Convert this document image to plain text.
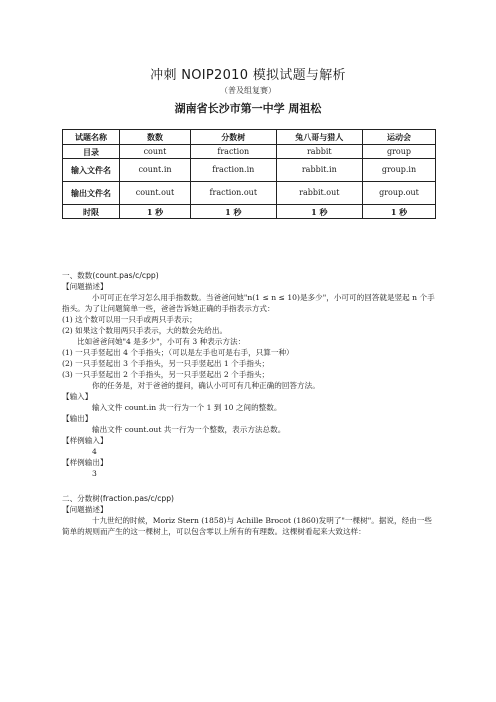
冲刺 NOIP2010 模拟试题与解析
（普及组复赛）
湖南省长沙市第一中学 周祖松
试题名称	数数	分数树	兔八哥与猎人	运动会
目录	count	fraction	rabbit	group
输入文件名	count.in	fraction.in	rabbit.in	group.in
输出文件名	count.out	fraction.out	rabbit.out	group.out
时限	1 秒	1 秒	1 秒	1 秒

一、数数(count.pas/c/cpp)

【问题描述】

小可可正在学习怎么用手指数数。当爸爸问她"n(1 ≤ n ≤ 10)是多少"，小可可的回答就是竖起 n 个手指头。为了让问题简单一些，爸爸告诉她正确的手指表示方式：

(1) 这个数可以用一只手或两只手表示；

(2) 如果这个数用两只手表示，大的数会先给出。

比如爸爸问她"4 是多少"，小可有 3 种表示方法：

(1) 一只手竖起出 4 个手指头；（可以是左手也可是右手，只算一种）

(2) 一只手竖起出 3 个手指头，另一只手竖起出 1 个手指头；

(3) 一只手竖起出 2 个手指头，另一只手竖起出 2 个手指头；

你的任务是，对于爸爸的提问，确认小可可有几种正确的回答方法。

【输入】

输入文件 count.in 共一行为一个 1 到 10 之间的整数。

【输出】

输出文件 count.out 共一行为一个整数，表示方法总数。

【样例输入】

4

【样例输出】

3

二、分数树(fraction.pas/c/cpp)

【问题描述】

十九世纪的时候，Moriz Stern (1858)与 Achille Brocot (1860)发明了"一棵树"。据说，经由一些简单的规则而产生的这一棵树上，可以包含零以上所有的有理数。这棵树看起来大致这样：
